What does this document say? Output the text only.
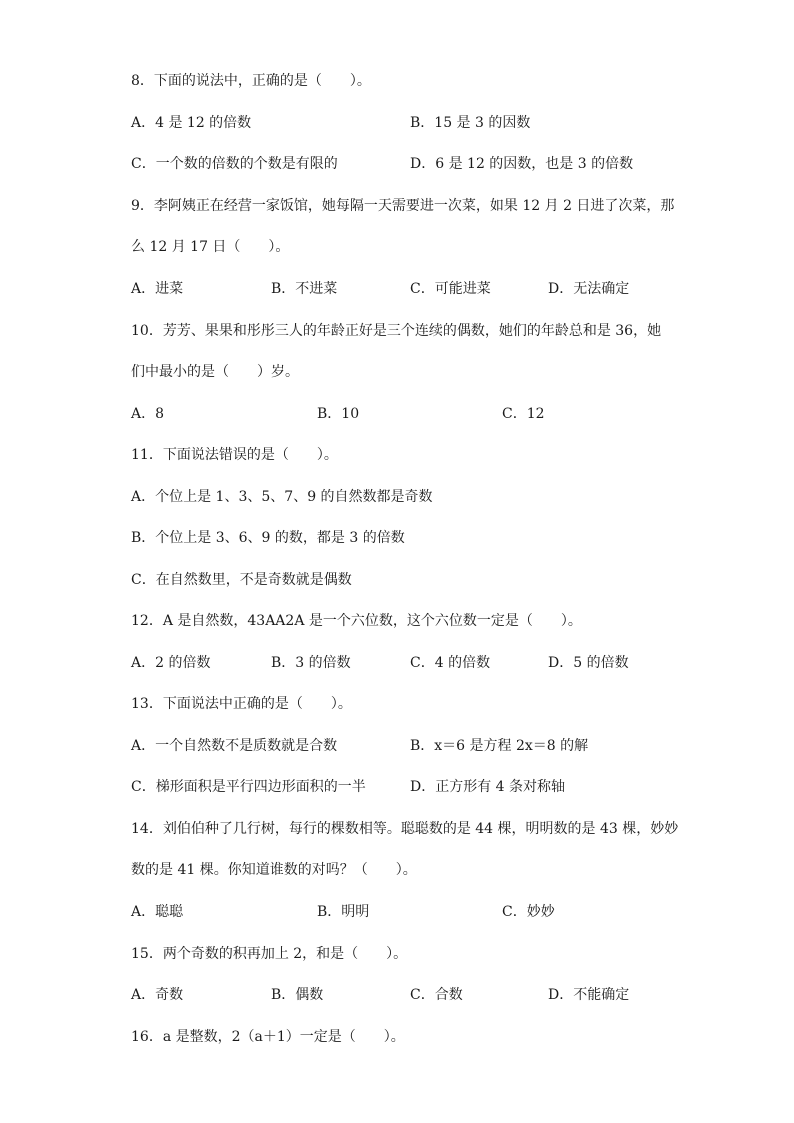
8．下面的说法中，正确的是（　　）。
A．4 是 12 的倍数	B．15 是 3 的因数
C．一个数的倍数的个数是有限的	D．6 是 12 的因数，也是 3 的倍数
9．李阿姨正在经营一家饭馆，她每隔一天需要进一次菜，如果 12 月 2 日进了次菜，那
么 12 月 17 日（　　）。
A．进菜	B．不进菜	C．可能进菜	D．无法确定
10．芳芳、果果和彤彤三人的年龄正好是三个连续的偶数，她们的年龄总和是 36，她
们中最小的是（　　）岁。
A．8	B．10	C．12
11．下面说法错误的是（　　）。
A．个位上是 1、3、5、7、9 的自然数都是奇数
B．个位上是 3、6、9 的数，都是 3 的倍数
C．在自然数里，不是奇数就是偶数
12．A 是自然数，43AA2A 是一个六位数，这个六位数一定是（　　）。
A．2 的倍数	B．3 的倍数	C．4 的倍数	D．5 的倍数
13．下面说法中正确的是（　　）。
A．一个自然数不是质数就是合数	B．x＝6 是方程 2x＝8 的解
C．梯形面积是平行四边形面积的一半	D．正方形有 4 条对称轴
14．刘伯伯种了几行树，每行的棵数相等。聪聪数的是 44 棵，明明数的是 43 棵，妙妙
数的是 41 棵。你知道谁数的对吗？（　　）。
A．聪聪	B．明明	C．妙妙
15．两个奇数的积再加上 2，和是（　　）。
A．奇数	B．偶数	C．合数	D．不能确定
16．a 是整数，2（a＋1）一定是（　　）。
